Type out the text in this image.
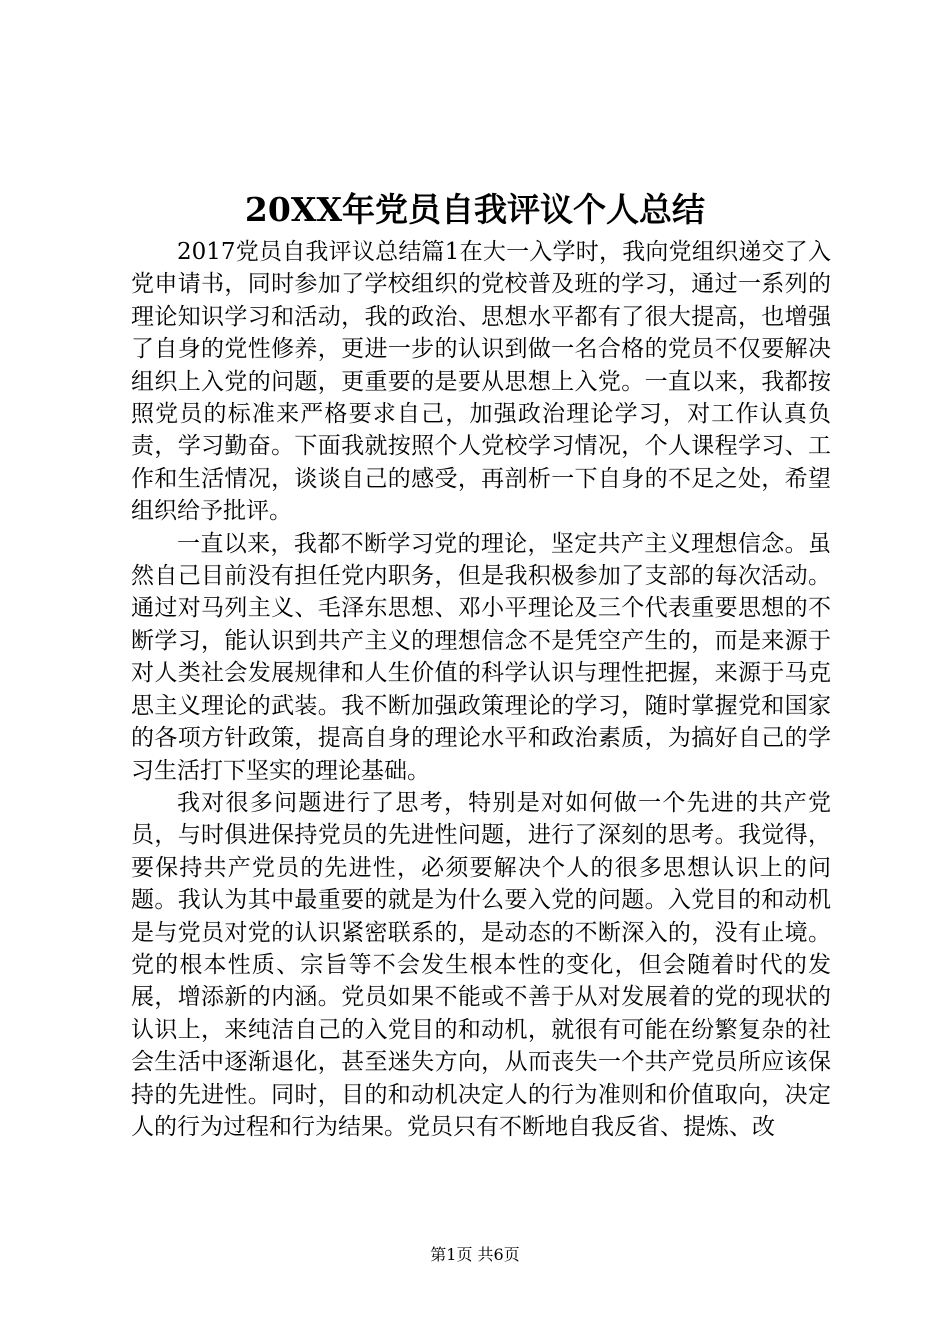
20XX年党员自我评议个人总结

2017党员自我评议总结篇1在大一入学时，我向党组织递交了入党申请书，同时参加了学校组织的党校普及班的学习，通过一系列的理论知识学习和活动，我的政治、思想水平都有了很大提高，也增强了自身的党性修养，更进一步的认识到做一名合格的党员不仅要解决组织上入党的问题，更重要的是要从思想上入党。一直以来，我都按照党员的标准来严格要求自己，加强政治理论学习，对工作认真负责，学习勤奋。下面我就按照个人党校学习情况，个人课程学习、工作和生活情况，谈谈自己的感受，再剖析一下自身的不足之处，希望组织给予批评。

一直以来，我都不断学习党的理论，坚定共产主义理想信念。虽然自己目前没有担任党内职务，但是我积极参加了支部的每次活动。通过对马列主义、毛泽东思想、邓小平理论及三个代表重要思想的不断学习，能认识到共产主义的理想信念不是凭空产生的，而是来源于对人类社会发展规律和人生价值的科学认识与理性把握，来源于马克思主义理论的武装。我不断加强政策理论的学习，随时掌握党和国家的各项方针政策，提高自身的理论水平和政治素质，为搞好自己的学习生活打下坚实的理论基础。

我对很多问题进行了思考，特别是对如何做一个先进的共产党员，与时俱进保持党员的先进性问题，进行了深刻的思考。我觉得，要保持共产党员的先进性，必须要解决个人的很多思想认识上的问题。我认为其中最重要的就是为什么要入党的问题。入党目的和动机是与党员对党的认识紧密联系的，是动态的不断深入的，没有止境。党的根本性质、宗旨等不会发生根本性的变化，但会随着时代的发展，增添新的内涵。党员如果不能或不善于从对发展着的党的现状的认识上，来纯洁自己的入党目的和动机，就很有可能在纷繁复杂的社会生活中逐渐退化，甚至迷失方向，从而丧失一个共产党员所应该保持的先进性。同时，目的和动机决定人的行为准则和价值取向，决定人的行为过程和行为结果。党员只有不断地自我反省、提炼、改

第1页 共6页
